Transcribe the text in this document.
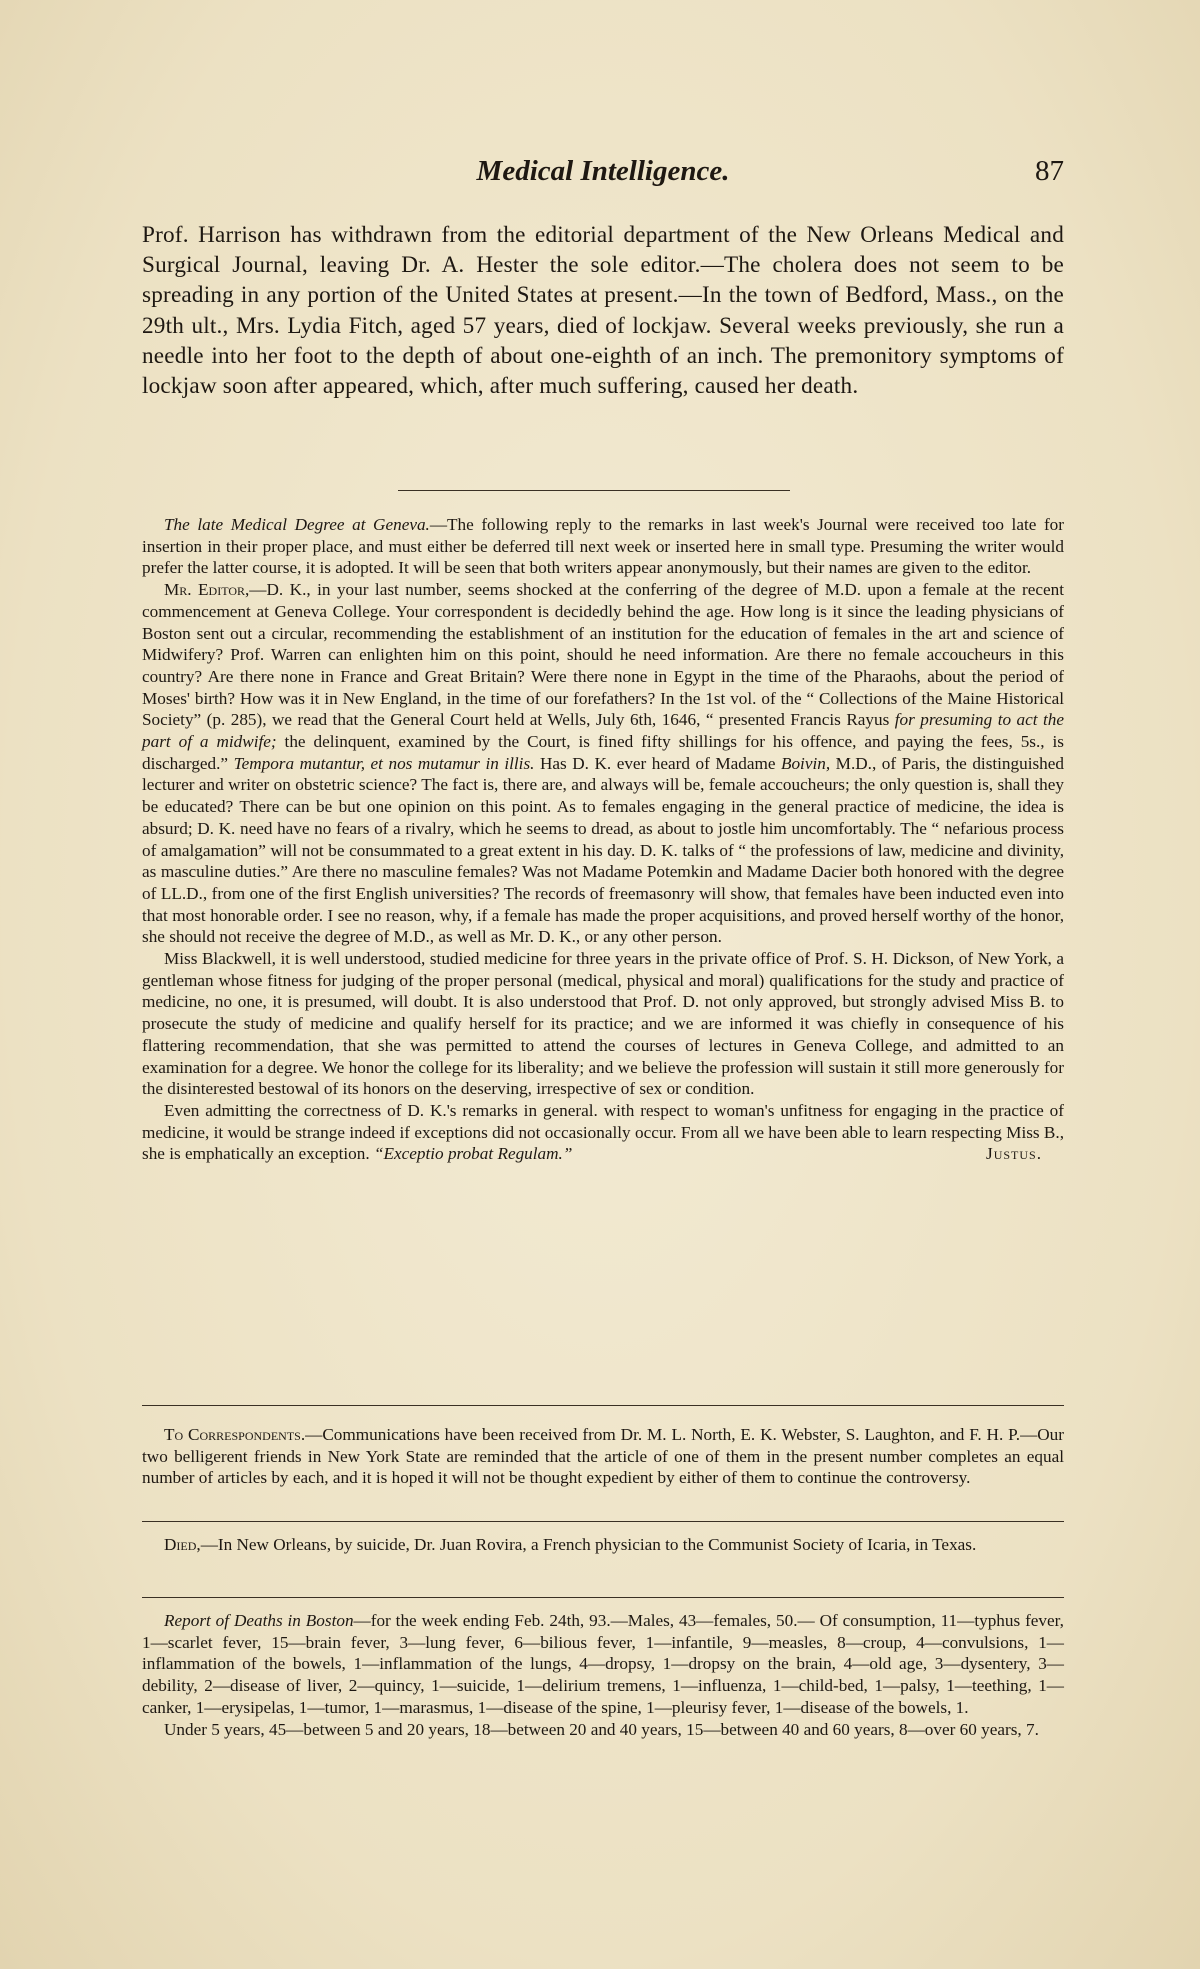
Medical Intelligence.	87

Prof. Harrison has withdrawn from the editorial department of the New Orleans Medical and Surgical Journal, leaving Dr. A. Hester the sole editor.—The cholera does not seem to be spreading in any portion of the United States at present.—In the town of Bedford, Mass., on the 29th ult., Mrs. Lydia Fitch, aged 57 years, died of lockjaw. Several weeks previously, she run a needle into her foot to the depth of about one-eighth of an inch. The premonitory symptoms of lockjaw soon after appeared, which, after much suffering, caused her death.

The late Medical Degree at Geneva.—The following reply to the remarks in last week's Journal were received too late for insertion in their proper place, and must either be deferred till next week or inserted here in small type. Presuming the writer would prefer the latter course, it is adopted. It will be seen that both writers appear anonymously, but their names are given to the editor.

Mr. Editor,—D. K., in your last number, seems shocked at the conferring of the degree of M.D. upon a female at the recent commencement at Geneva College. Your correspondent is decidedly behind the age. How long is it since the leading physicians of Boston sent out a circular, recommending the establishment of an institution for the education of females in the art and science of Midwifery? Prof. Warren can enlighten him on this point, should he need information. Are there no female accoucheurs in this country? Are there none in France and Great Britain? Were there none in Egypt in the time of the Pharaohs, about the period of Moses' birth? How was it in New England, in the time of our forefathers? In the 1st vol. of the “ Collections of the Maine Historical Society” (p. 285), we read that the General Court held at Wells, July 6th, 1646, “ presented Francis Rayus for presuming to act the part of a midwife; the delinquent, examined by the Court, is fined fifty shillings for his offence, and paying the fees, 5s., is discharged.” Tempora mutantur, et nos mutamur in illis. Has D. K. ever heard of Madame Boivin, M.D., of Paris, the distinguished lecturer and writer on obstetric science? The fact is, there are, and always will be, female accoucheurs; the only question is, shall they be educated? There can be but one opinion on this point. As to females engaging in the general practice of medicine, the idea is absurd; D. K. need have no fears of a rivalry, which he seems to dread, as about to jostle him uncomfortably. The “ nefarious process of amalgamation” will not be consummated to a great extent in his day. D. K. talks of “ the professions of law, medicine and divinity, as masculine duties.” Are there no masculine females? Was not Madame Potemkin and Madame Dacier both honored with the degree of LL.D., from one of the first English universities? The records of freemasonry will show, that females have been inducted even into that most honorable order. I see no reason, why, if a female has made the proper acquisitions, and proved herself worthy of the honor, she should not receive the degree of M.D., as well as Mr. D. K., or any other person.

Miss Blackwell, it is well understood, studied medicine for three years in the private office of Prof. S. H. Dickson, of New York, a gentleman whose fitness for judging of the proper personal (medical, physical and moral) qualifications for the study and practice of medicine, no one, it is presumed, will doubt. It is also understood that Prof. D. not only approved, but strongly advised Miss B. to prosecute the study of medicine and qualify herself for its practice; and we are informed it was chiefly in consequence of his flattering recommendation, that she was permitted to attend the courses of lectures in Geneva College, and admitted to an examination for a degree. We honor the college for its liberality; and we believe the profession will sustain it still more generously for the disinterested bestowal of its honors on the deserving, irrespective of sex or condition.

Even admitting the correctness of D. K.'s remarks in general. with respect to woman's unfitness for engaging in the practice of medicine, it would be strange indeed if exceptions did not occasionally occur. From all we have been able to learn respecting Miss B., she is emphatically an exception. “Exceptio probat Regulam.”	Justus.

To Correspondents.—Communications have been received from Dr. M. L. North, E. K. Webster, S. Laughton, and F. H. P.—Our two belligerent friends in New York State are reminded that the article of one of them in the present number completes an equal number of articles by each, and it is hoped it will not be thought expedient by either of them to continue the controversy.

Died,—In New Orleans, by suicide, Dr. Juan Rovira, a French physician to the Communist Society of Icaria, in Texas.

Report of Deaths in Boston—for the week ending Feb. 24th, 93.—Males, 43—females, 50.— Of consumption, 11—typhus fever, 1—scarlet fever, 15—brain fever, 3—lung fever, 6—bilious fever, 1—infantile, 9—measles, 8—croup, 4—convulsions, 1—inflammation of the bowels, 1—inflammation of the lungs, 4—dropsy, 1—dropsy on the brain, 4—old age, 3—dysentery, 3—debility, 2—disease of liver, 2—quincy, 1—suicide, 1—delirium tremens, 1—influenza, 1—child-bed, 1—palsy, 1—teething, 1—canker, 1—erysipelas, 1—tumor, 1—marasmus, 1—disease of the spine, 1—pleurisy fever, 1—disease of the bowels, 1.

Under 5 years, 45—between 5 and 20 years, 18—between 20 and 40 years, 15—between 40 and 60 years, 8—over 60 years, 7.
